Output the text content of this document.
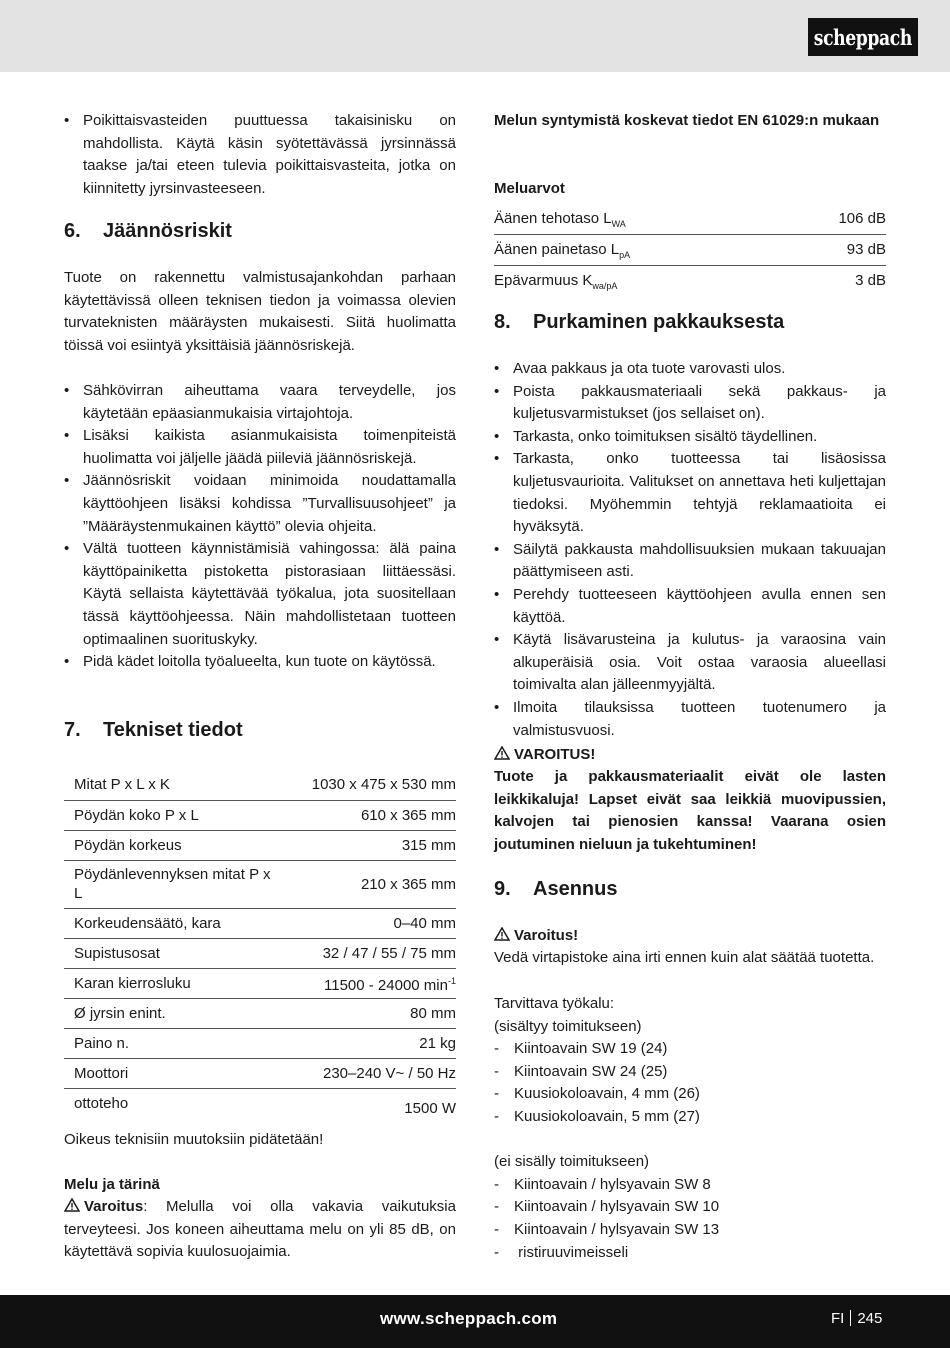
scheppach
• Poikittaisvasteiden puuttuessa takaisinisku on mahdollista. Käytä käsin syötettävässä jyrsinnässä taakse ja/tai eteen tulevia poikittaisvasteita, jotka on kiinnitetty jyrsinvasteeseen.
6.	Jäännösriskit
Tuote on rakennettu valmistusajankohdan parhaan käytettävissä olleen teknisen tiedon ja voimassa olevien turvateknisten määräysten mukaisesti. Siitä huolimatta töissä voi esiintyä yksittäisiä jäännösriskejä.
• Sähkövirran aiheuttama vaara terveydelle, jos käytetään epäasianmukaisia virtajohtoja.
• Lisäksi kaikista asianmukaisista toimenpiteistä huolimatta voi jäljelle jäädä piileviä jäännösriskejä.
• Jäännösriskit voidaan minimoida noudattamalla käyttöohjeen lisäksi kohdissa ”Turvallisuusohjeet” ja ”Määräystenmukainen käyttö” olevia ohjeita.
• Vältä tuotteen käynnistämisiä vahingossa: älä paina käyttöpainiketta pistoketta pistorasiaan liittäessäsi. Käytä sellaista käytettävää työkalua, jota suositellaan tässä käyttöohjeessa. Näin mahdollistetaan tuotteen optimaalinen suorituskyky.
• Pidä kädet loitolla työalueelta, kun tuote on käytössä.
7.	Tekniset tiedot
Mitat P x L x K	1030 x 475 x 530 mm
Pöydän koko P x L	610 x 365 mm
Pöydän korkeus	315 mm
Pöydänlevennyksen mitat P x L	210 x 365 mm
Korkeudensäätö, kara	0–40 mm
Supistusosat	32 / 47 / 55 / 75 mm
Karan kierrosluku	11500 - 24000 $\min^{-1}$
Ø jyrsin enint.	80 mm
Paino n.	21 kg
Moottori	230–240 V~ / 50 Hz
ottoteho	1500 W
Oikeus teknisiin muutoksiin pidätetään!
Melu ja tärinä
Varoitus: Melulla voi olla vakavia vaikutuksia terveyteesi. Jos koneen aiheuttama melu on yli 85 dB, on käytettävä sopivia kuulosuojaimia.
Melun syntymistä koskevat tiedot EN 61029:n mukaan
Meluarvot
Äänen tehotaso $L_{WA}$	106 dB
Äänen painetaso $L_{pA}$	93 dB
Epävarmuus $K_{wa/pA}$	3 dB
8.	Purkaminen pakkauksesta
• Avaa pakkaus ja ota tuote varovasti ulos.
• Poista pakkausmateriaali sekä pakkaus- ja kuljetusvarmistukset (jos sellaiset on).
• Tarkasta, onko toimituksen sisältö täydellinen.
• Tarkasta, onko tuotteessa tai lisäosissa kuljetusvaurioita. Valitukset on annettava heti kuljettajan tiedoksi. Myöhemmin tehtyjä reklamaatioita ei hyväksytä.
• Säilytä pakkausta mahdollisuuksien mukaan takuuajan päättymiseen asti.
• Perehdy tuotteeseen käyttöohjeen avulla ennen sen käyttöä.
• Käytä lisävarusteina ja kulutus- ja varaosina vain alkuperäisiä osia. Voit ostaa varaosia alueellasi toimivalta alan jälleenmyyjältä.
• Ilmoita tilauksissa tuotteen tuotenumero ja valmistusvuosi.
VAROITUS!
Tuote ja pakkausmateriaalit eivät ole lasten leikkikaluja! Lapset eivät saa leikkiä muovipussien, kalvojen tai pienosien kanssa! Vaarana osien joutuminen nieluun ja tukehtuminen!
9.	Asennus
Varoitus!
Vedä virtapistoke aina irti ennen kuin alat säätää tuotetta.
Tarvittava työkalu:
(sisältyy toimitukseen)
- Kiintoavain SW 19 (24)
- Kiintoavain SW 24 (25)
- Kuusiokoloavain, 4 mm (26)
- Kuusiokoloavain, 5 mm (27)
(ei sisälly toimitukseen)
- Kiintoavain / hylsyavain SW 8
- Kiintoavain / hylsyavain SW 10
- Kiintoavain / hylsyavain SW 13
-  ristiruuvimeisseli
www.scheppach.com	FI 245
